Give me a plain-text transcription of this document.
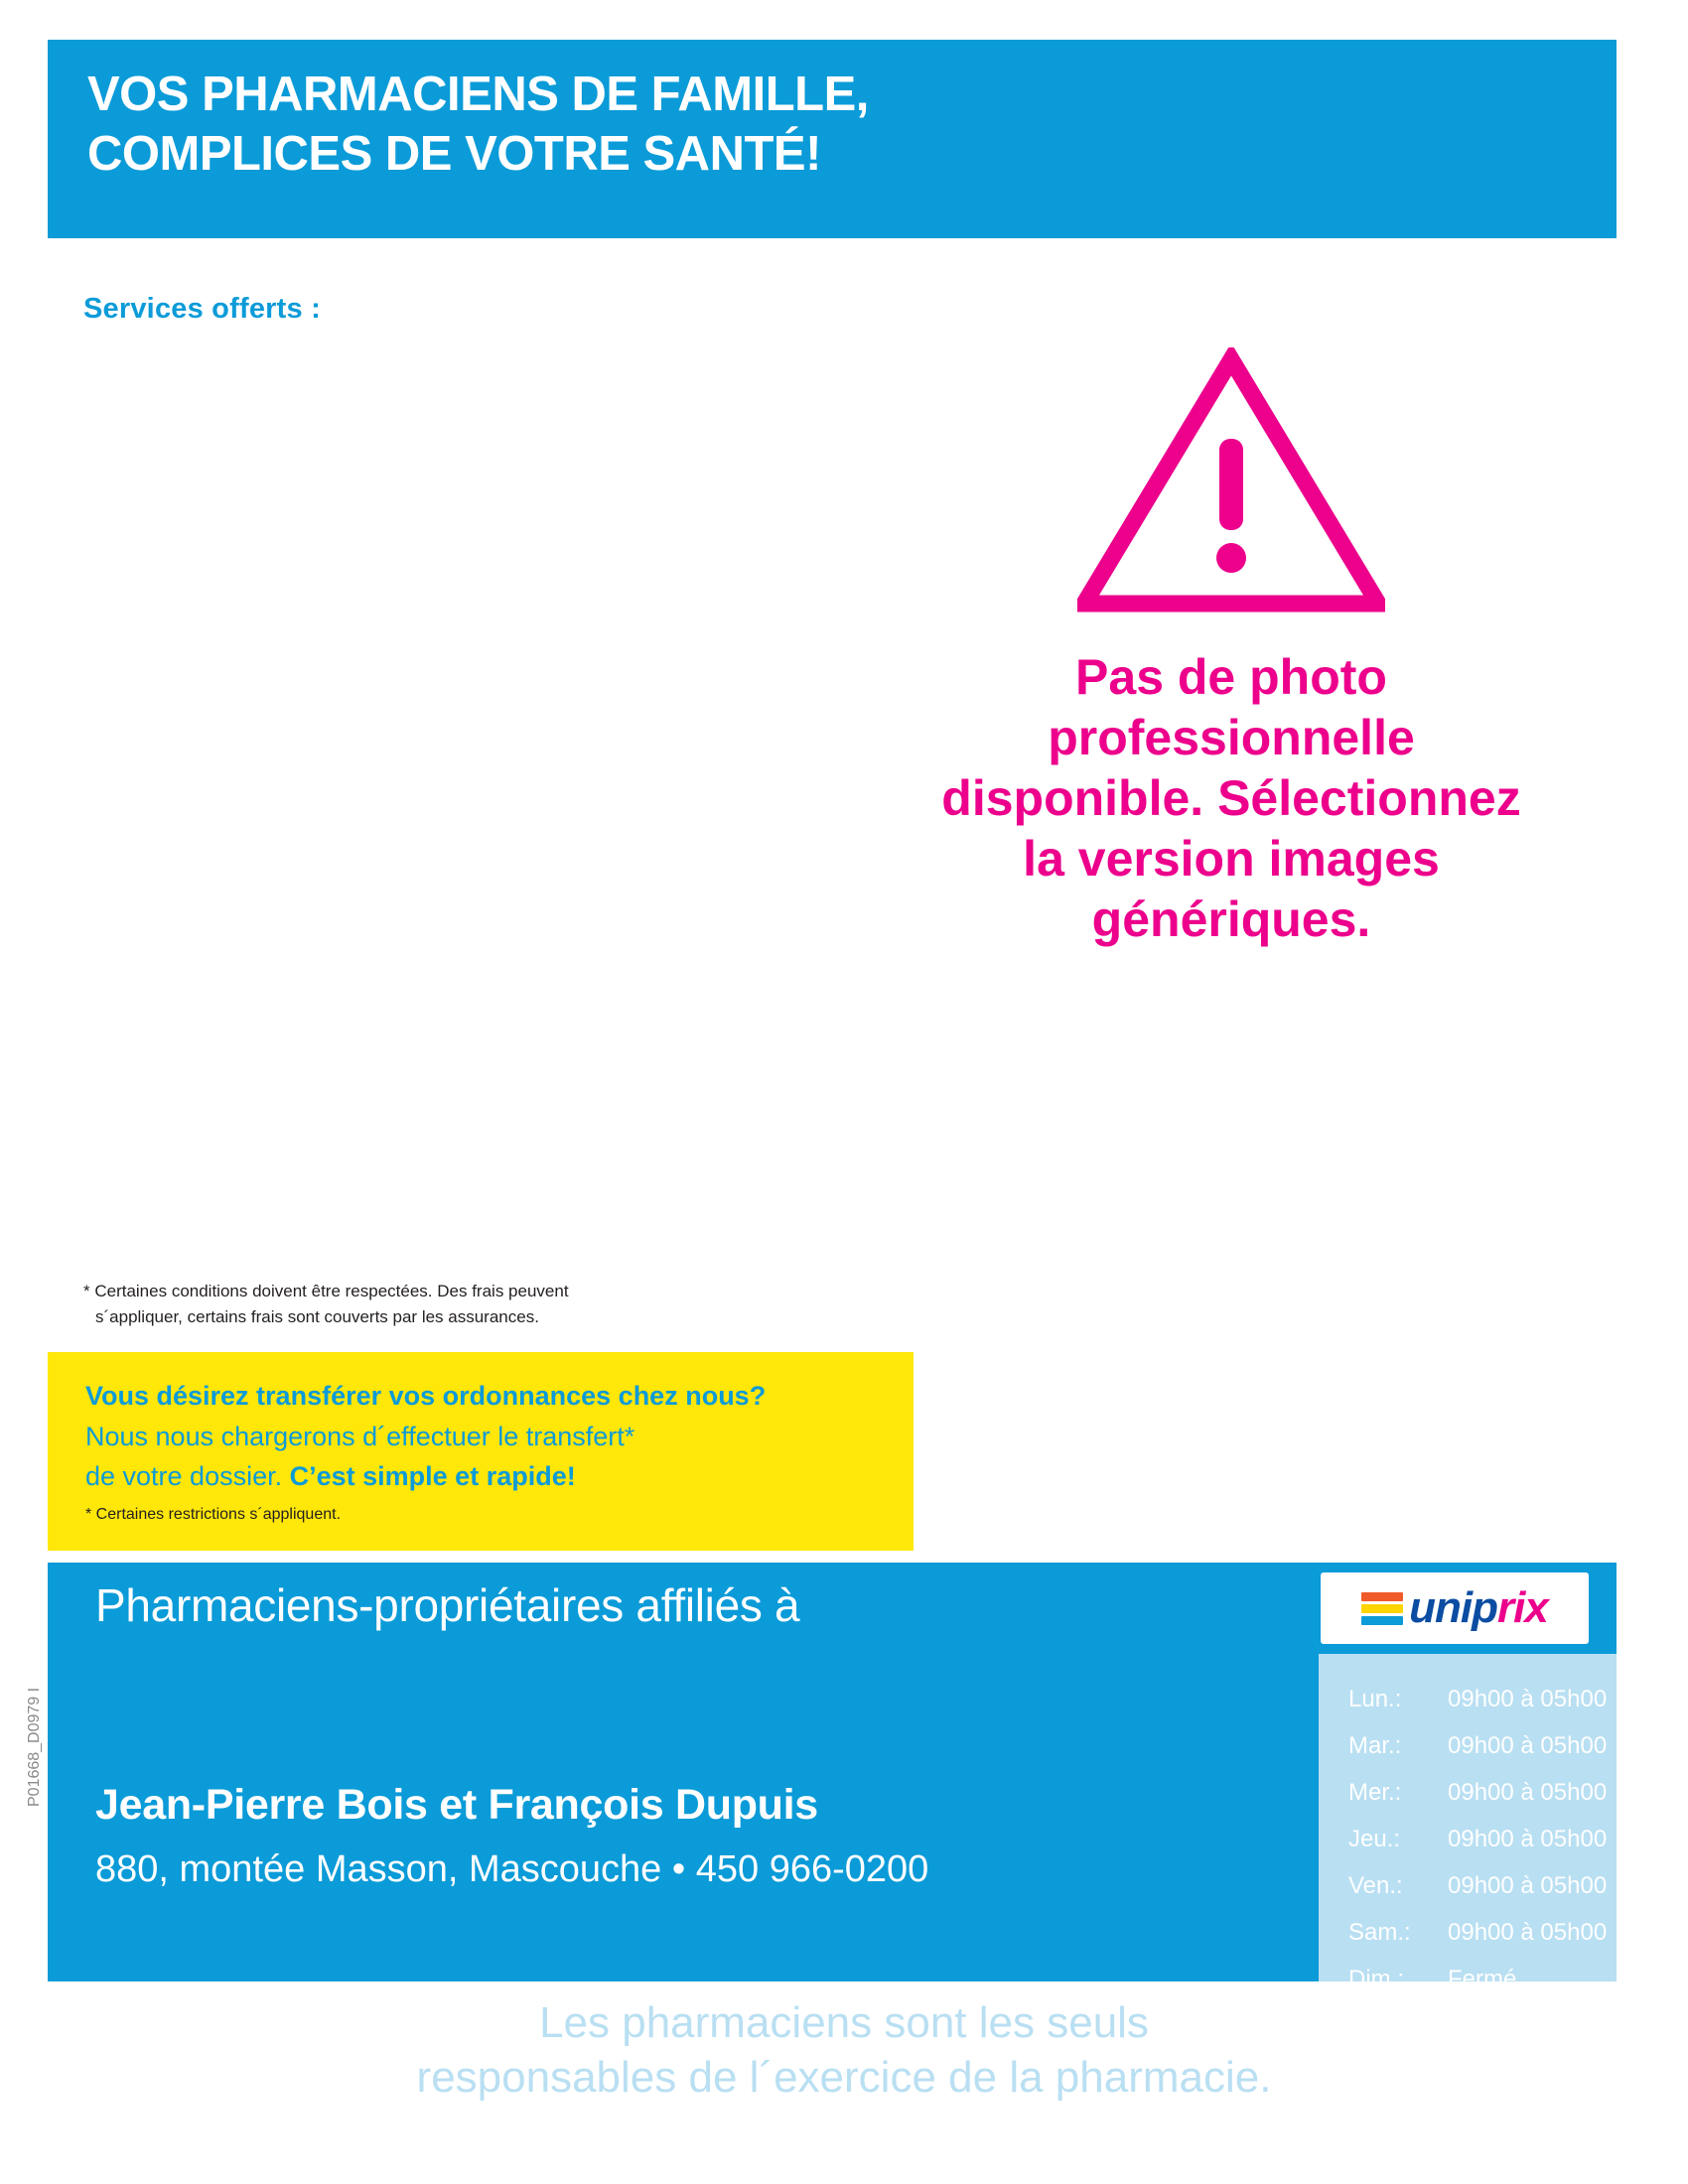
VOS PHARMACIENS DE FAMILLE,
COMPLICES DE VOTRE SANTÉ!
Services offerts :
Pas de photo professionnelle disponible. Sélectionnez la version images génériques.
* Certaines conditions doivent être respectées. Des frais peuvent
s´appliquer, certains frais sont couverts par les assurances.
Vous désirez transférer vos ordonnances chez nous?
Nous nous chargerons d´effectuer le transfert*
de votre dossier. C’est simple et rapide!
* Certaines restrictions s´appliquent.
Pharmaciens-propriétaires affiliés à	uniprix
Jean-Pierre Bois et François Dupuis
880, montée Masson, Mascouche • 450 966-0200
Lun.:	09h00 à 05h00
Mar.:	09h00 à 05h00
Mer.:	09h00 à 05h00
Jeu.:	09h00 à 05h00
Ven.:	09h00 à 05h00
Sam.:	09h00 à 05h00
Dim.:	Fermé
P01668_D0979 I
Les pharmaciens sont les seuls
responsables de l´exercice de la pharmacie.
